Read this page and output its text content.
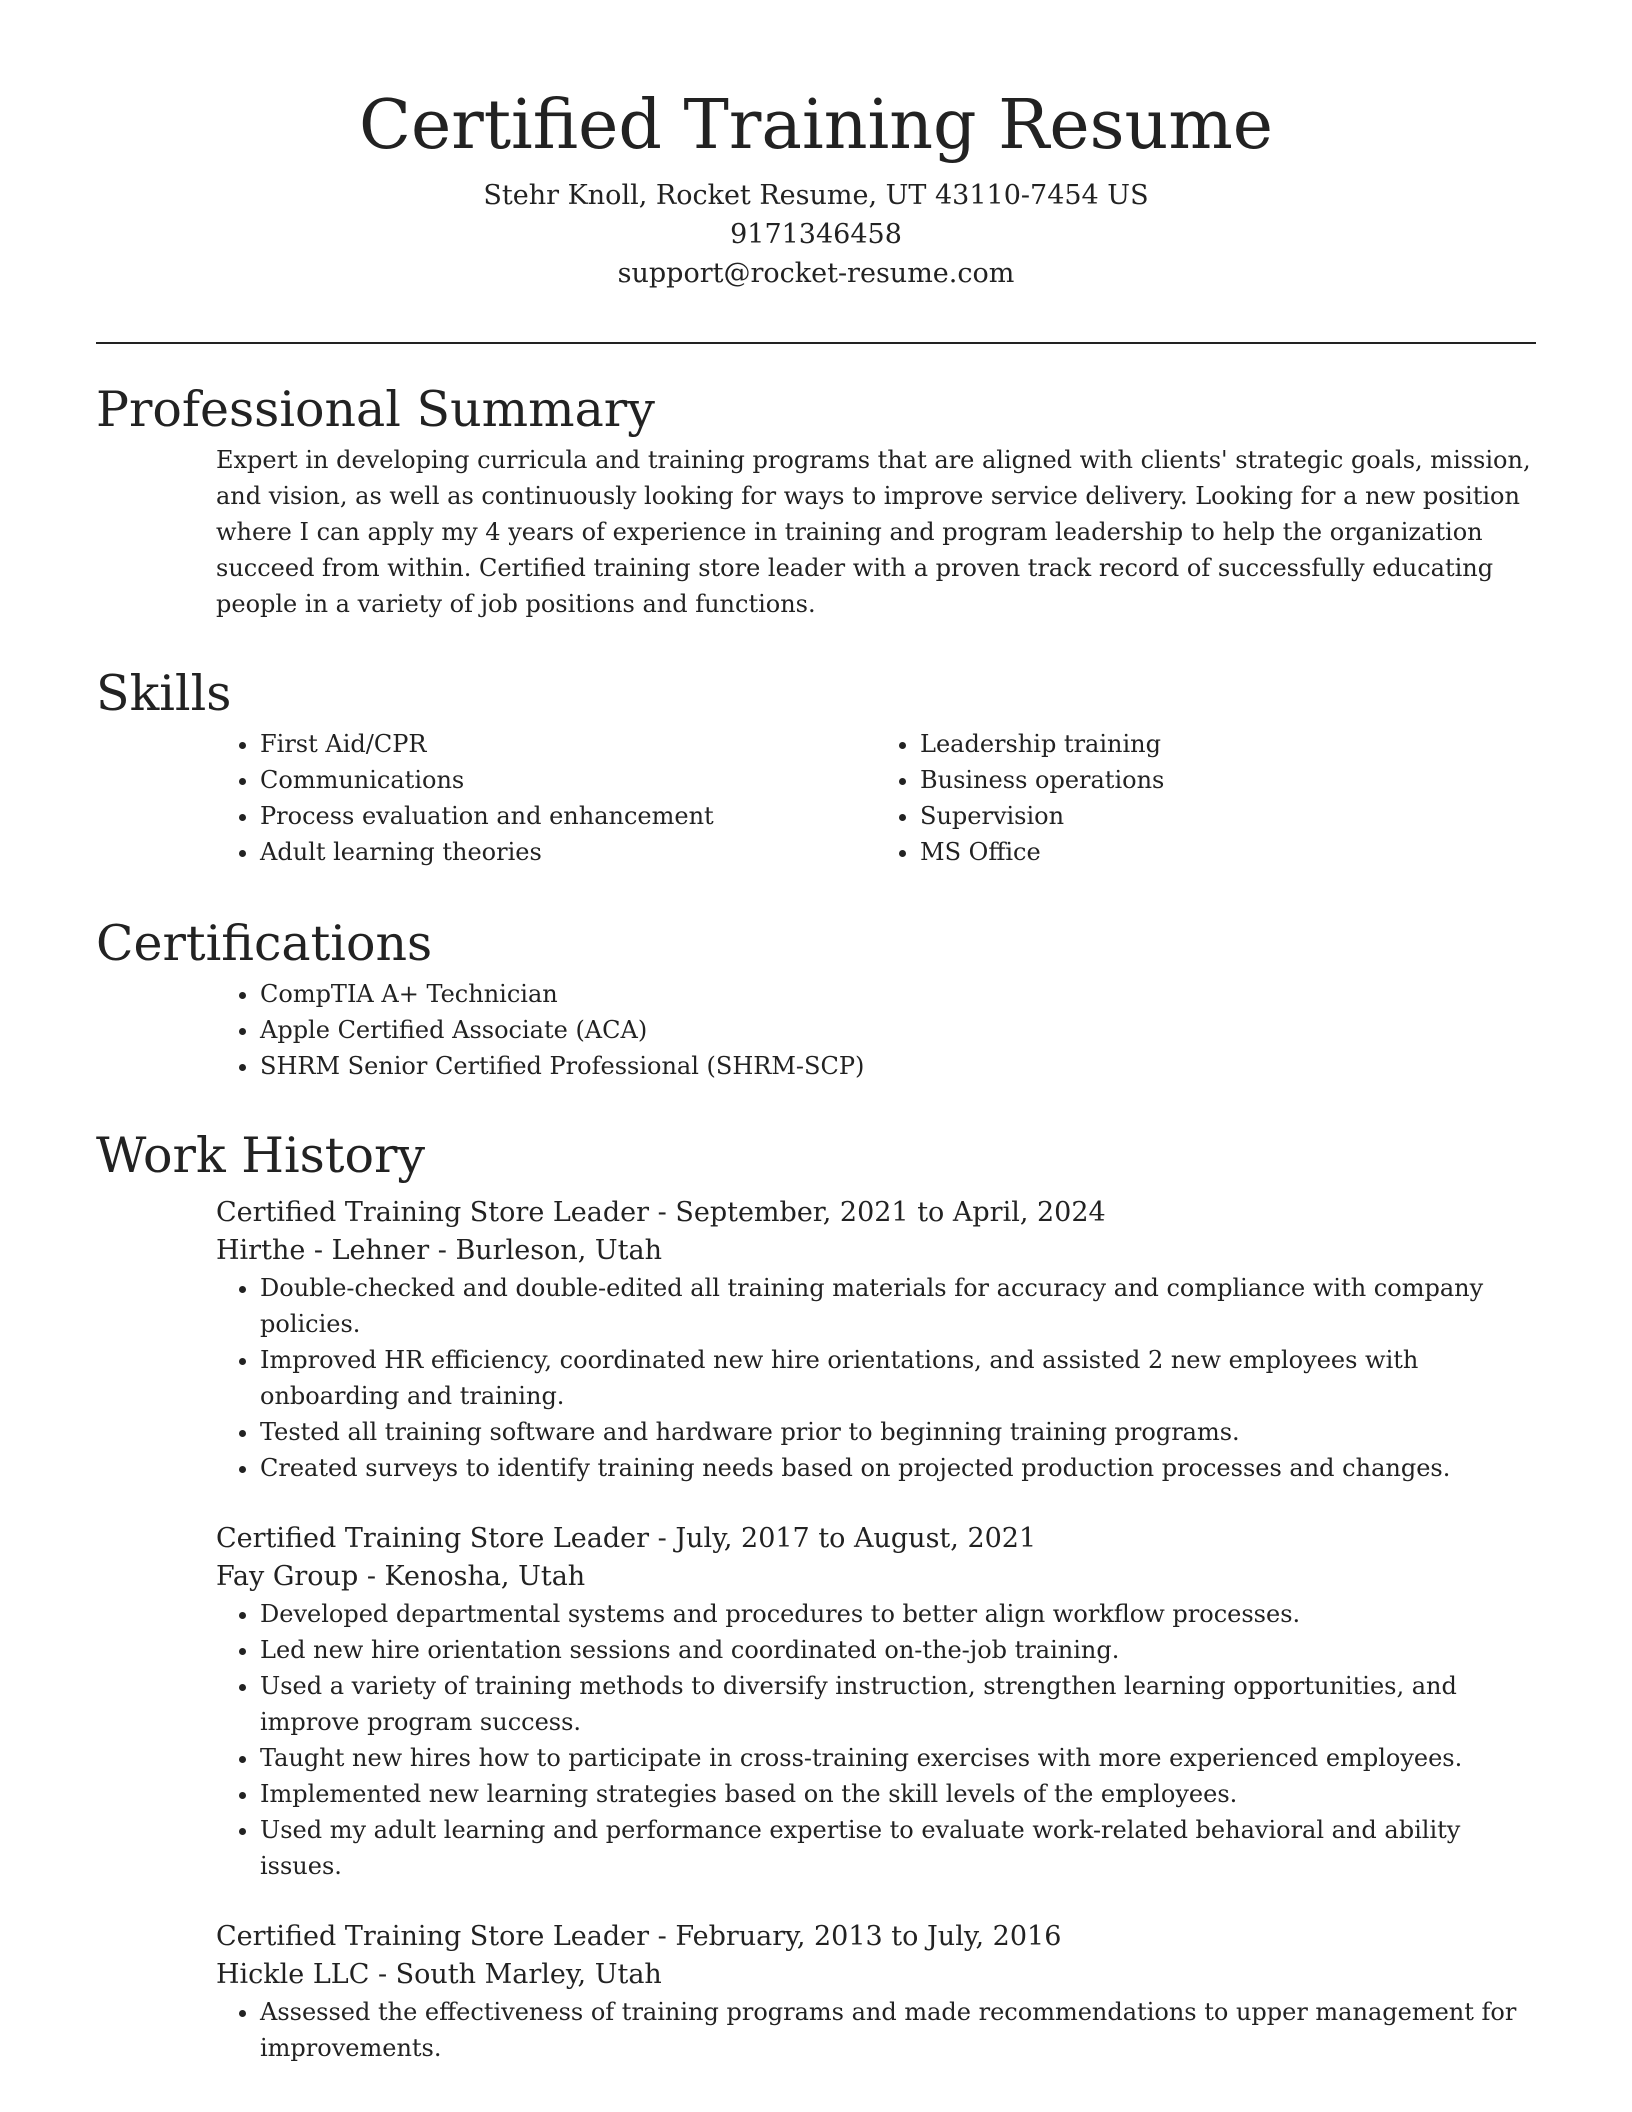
Certified Training Resume

Stehr Knoll, Rocket Resume, UT 43110-7454 US

9171346458

support@rocket-resume.com

Professional Summary

Expert in developing curricula and training programs that are aligned with clients' strategic goals, mission, and vision, as well as continuously looking for ways to improve service delivery. Looking for a new position where I can apply my 4 years of experience in training and program leadership to help the organization succeed from within. Certified training store leader with a proven track record of successfully educating people in a variety of job positions and functions.

Skills
• First Aid/CPR
• Communications
• Process evaluation and enhancement
• Adult learning theories
• Leadership training
• Business operations
• Supervision
• MS Office
Certifications
• CompTIA A+ Technician
• Apple Certified Associate (ACA)
• SHRM Senior Certified Professional (SHRM-SCP)
Work History

Certified Training Store Leader - September, 2021 to April, 2024

Hirthe - Lehner - Burleson, Utah

• Double-checked and double-edited all training materials for accuracy and compliance with company policies.
• Improved HR efficiency, coordinated new hire orientations, and assisted 2 new employees with onboarding and training.
• Tested all training software and hardware prior to beginning training programs.
• Created surveys to identify training needs based on projected production processes and changes.

Certified Training Store Leader - July, 2017 to August, 2021

Fay Group - Kenosha, Utah

• Developed departmental systems and procedures to better align workflow processes.
• Led new hire orientation sessions and coordinated on-the-job training.
• Used a variety of training methods to diversify instruction, strengthen learning opportunities, and improve program success.
• Taught new hires how to participate in cross-training exercises with more experienced employees.
• Implemented new learning strategies based on the skill levels of the employees.
• Used my adult learning and performance expertise to evaluate work-related behavioral and ability issues.

Certified Training Store Leader - February, 2013 to July, 2016

Hickle LLC - South Marley, Utah

• Assessed the effectiveness of training programs and made recommendations to upper management for improvements.
